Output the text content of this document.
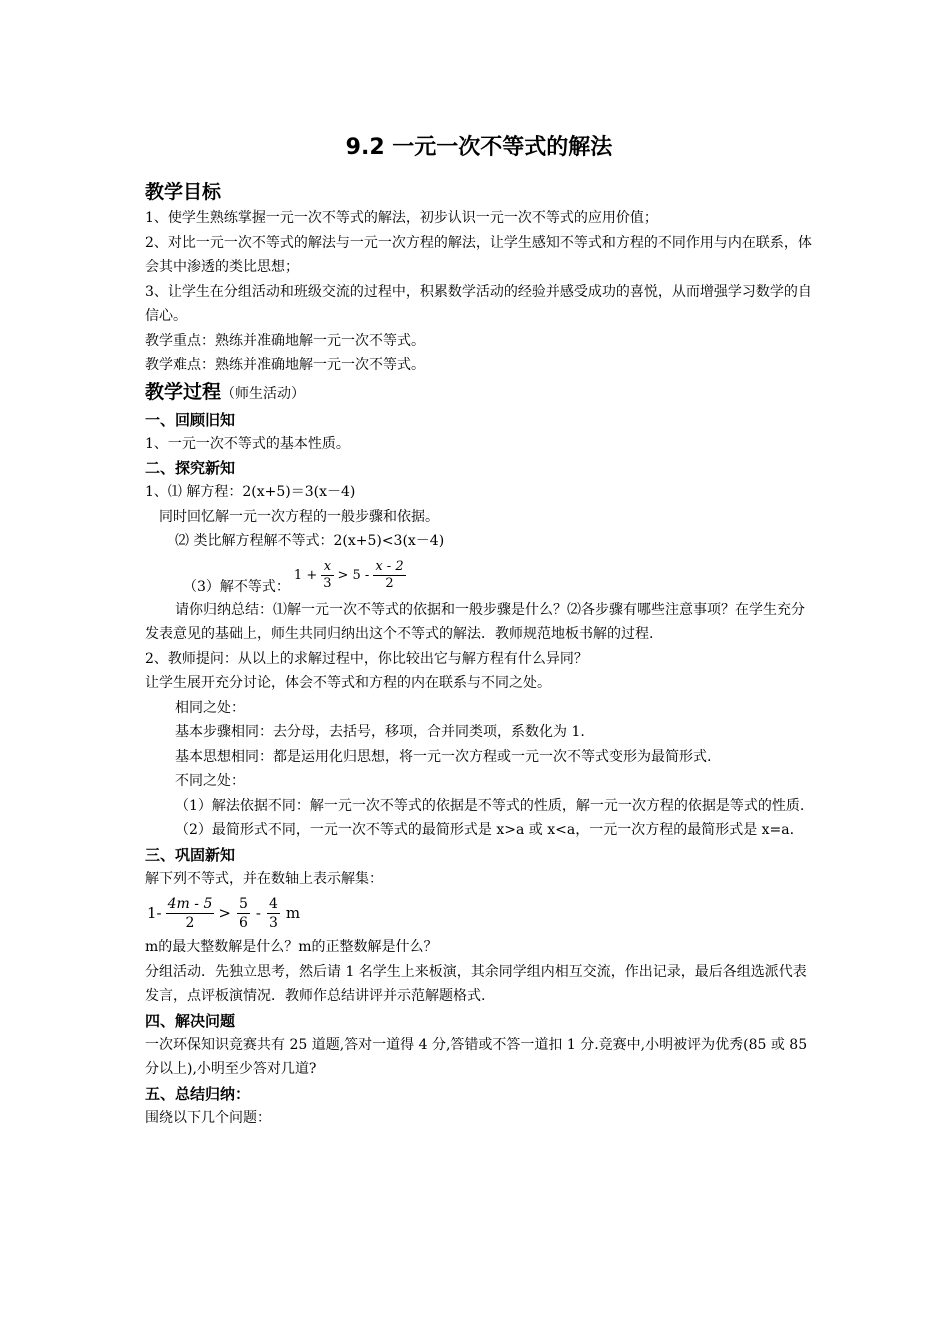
9.2 一元一次不等式的解法
教学目标

1、使学生熟练掌握一元一次不等式的解法，初步认识一元一次不等式的应用价值；

2、对比一元一次不等式的解法与一元一次方程的解法，让学生感知不等式和方程的不同作用与内在联系，体会其中渗透的类比思想；

3、让学生在分组活动和班级交流的过程中，积累数学活动的经验并感受成功的喜悦，从而增强学习数学的自信心。

教学重点：熟练并准确地解一元一次不等式。

教学难点：熟练并准确地解一元一次不等式。

教学过程（师生活动）
一、回顾旧知

1、一元一次不等式的基本性质。

二、探究新知

1、⑴ 解方程：2(x+5)＝3(x－4)

同时回忆解一元一次方程的一般步骤和依据。

⑵ 类比解方程解不等式：2(x+5)<3(x－4)

（3）解不等式：
$1 + \frac{x}{3} > 5 - \frac{x - 2}{2}$

请你归纳总结：⑴解一元一次不等式的依据和一般步骤是什么？⑵各步骤有哪些注意事项？在学生充分发表意见的基础上，师生共同归纳出这个不等式的解法．教师规范地板书解的过程.

2、教师提问：从以上的求解过程中，你比较出它与解方程有什么异同？

让学生展开充分讨论，体会不等式和方程的内在联系与不同之处。

相同之处：

基本步骤相同：去分母，去括号，移项，合并同类项，系数化为 1.

基本思想相同：都是运用化归思想，将一元一次方程或一元一次不等式变形为最简形式.

不同之处：

（1）解法依据不同：解一元一次不等式的依据是不等式的性质，解一元一次方程的依据是等式的性质.

（2）最简形式不同，一元一次不等式的最简形式是 x>a 或 x<a，一元一次方程的最简形式是 x=a.

三、巩固新知

解下列不等式，并在数轴上表示解集：

$1- \frac{4m - 5}{2} > \frac{5}{6} - \frac{4}{3}$ m

m的最大整数解是什么？m的正整数解是什么？

分组活动．先独立思考，然后请 1 名学生上来板演，其余同学组内相互交流，作出记录，最后各组选派代表发言，点评板演情况．教师作总结讲评并示范解题格式.

四、解决问题

一次环保知识竞赛共有 25 道题,答对一道得 4 分,答错或不答一道扣 1 分.竞赛中,小明被评为优秀(85 或 85 分以上),小明至少答对几道?

五、总结归纳：

围绕以下几个问题：
